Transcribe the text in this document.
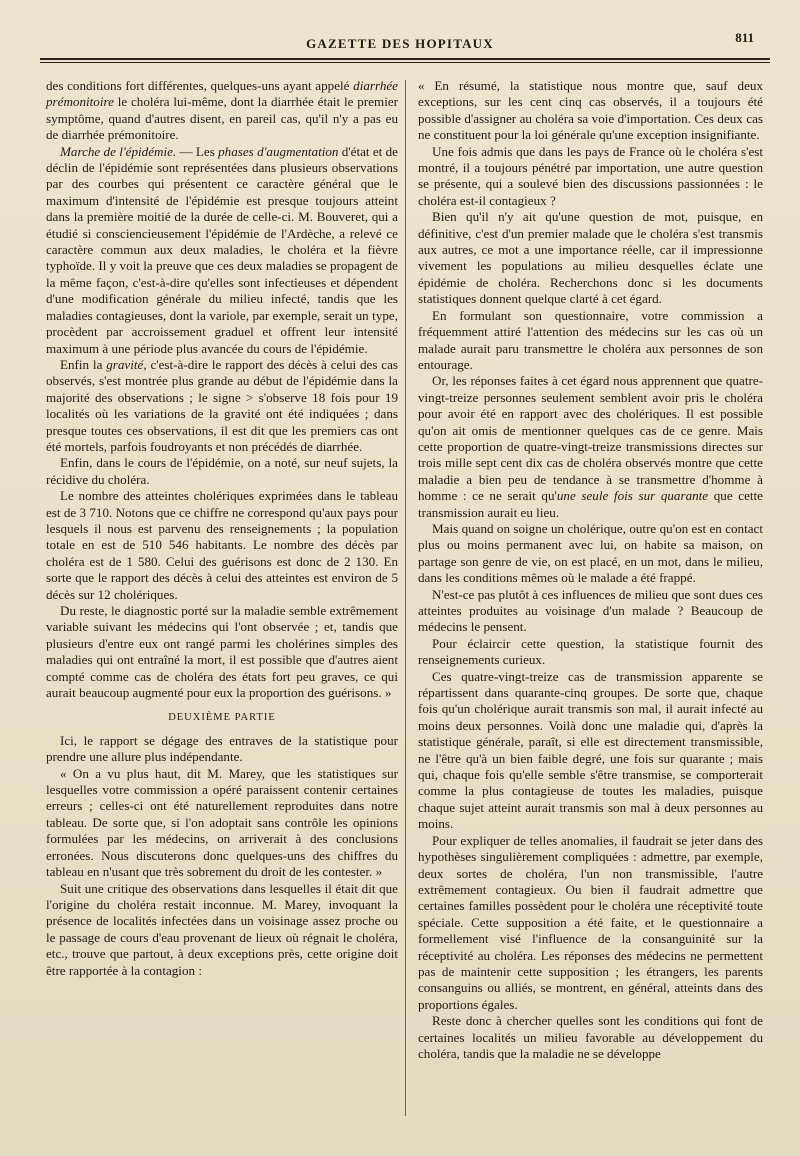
GAZETTE DES HOPITAUX	811

des conditions fort différentes, quelques-uns ayant appelé diarrhée prémonitoire le choléra lui-même, dont la diarrhée était le premier symptôme, quand d'autres disent, en pareil cas, qu'il n'y a pas eu de diarrhée prémonitoire.

Marche de l'épidémie. — Les phases d'augmentation d'état et de déclin de l'épidémie sont représentées dans plusieurs observations par des courbes qui présentent ce caractère général que le maximum d'intensité de l'épidémie est presque toujours atteint dans la première moitié de la durée de celle-ci. M. Bouveret, qui a étudié si consciencieusement l'épidémie de l'Ardèche, a relevé ce caractère commun aux deux maladies, le choléra et la fièvre typhoïde. Il y voit la preuve que ces deux maladies se propagent de la même façon, c'est-à-dire qu'elles sont infectieuses et dépendent d'une modification générale du milieu infecté, tandis que les maladies contagieuses, dont la variole, par exemple, serait un type, procèdent par accroissement graduel et offrent leur intensité maximum à une période plus avancée du cours de l'épidémie.

Enfin la gravité, c'est-à-dire le rapport des décès à celui des cas observés, s'est montrée plus grande au début de l'épidémie dans la majorité des observations ; le signe > s'observe 18 fois pour 19 localités où les variations de la gravité ont été indiquées ; dans presque toutes ces observations, il est dit que les premiers cas ont été mortels, parfois foudroyants et non précédés de diarrhée.

Enfin, dans le cours de l'épidémie, on a noté, sur neuf sujets, la récidive du choléra.

Le nombre des atteintes cholériques exprimées dans le tableau est de 3 710. Notons que ce chiffre ne correspond qu'aux pays pour lesquels il nous est parvenu des renseignements ; la population totale en est de 510 546 habitants. Le nombre des décès par choléra est de 1 580. Celui des guérisons est donc de 2 130. En sorte que le rapport des décès à celui des atteintes est environ de 5 décès sur 12 cholériques.

Du reste, le diagnostic porté sur la maladie semble extrêmement variable suivant les médecins qui l'ont observée ; et, tandis que plusieurs d'entre eux ont rangé parmi les cholérines simples des maladies qui ont entraîné la mort, il est possible que d'autres aient compté comme cas de choléra des états fort peu graves, ce qui aurait beaucoup augmenté pour eux la proportion des guérisons. »

DEUXIÈME PARTIE

Ici, le rapport se dégage des entraves de la statistique pour prendre une allure plus indépendante.

« On a vu plus haut, dit M. Marey, que les statistiques sur lesquelles votre commission a opéré paraissent contenir certaines erreurs ; celles-ci ont été naturellement reproduites dans notre tableau. De sorte que, si l'on adoptait sans contrôle les opinions formulées par les médecins, on arriverait à des conclusions erronées. Nous discuterons donc quelques-uns des chiffres du tableau en n'usant que très sobrement du droit de les contester. »

Suit une critique des observations dans lesquelles il était dit que l'origine du choléra restait inconnue. M. Marey, invoquant la présence de localités infectées dans un voisinage assez proche ou le passage de cours d'eau provenant de lieux où régnait le choléra, etc., trouve que partout, à deux exceptions près, cette origine doit être rapportée à la contagion :

« En résumé, la statistique nous montre que, sauf deux exceptions, sur les cent cinq cas observés, il a toujours été possible d'assigner au choléra sa voie d'importation. Ces deux cas ne constituent pour la loi générale qu'une exception insignifiante.

Une fois admis que dans les pays de France où le choléra s'est montré, il a toujours pénétré par importation, une autre question se présente, qui a soulevé bien des discussions passionnées : le choléra est-il contagieux ?

Bien qu'il n'y ait qu'une question de mot, puisque, en définitive, c'est d'un premier malade que le choléra s'est transmis aux autres, ce mot a une importance réelle, car il impressionne vivement les populations au milieu desquelles éclate une épidémie de choléra. Recherchons donc si les documents statistiques donnent quelque clarté à cet égard.

En formulant son questionnaire, votre commission a fréquemment attiré l'attention des médecins sur les cas où un malade aurait paru transmettre le choléra aux personnes de son entourage.

Or, les réponses faites à cet égard nous apprennent que quatre-vingt-treize personnes seulement semblent avoir pris le choléra pour avoir été en rapport avec des cholériques. Il est possible qu'on ait omis de mentionner quelques cas de ce genre. Mais cette proportion de quatre-vingt-treize transmissions directes sur trois mille sept cent dix cas de choléra observés montre que cette maladie a bien peu de tendance à se transmettre d'homme à homme : ce ne serait qu'une seule fois sur quarante que cette transmission aurait eu lieu.

Mais quand on soigne un cholérique, outre qu'on est en contact plus ou moins permanent avec lui, on habite sa maison, on partage son genre de vie, on est placé, en un mot, dans le milieu, dans les conditions mêmes où le malade a été frappé.

N'est-ce pas plutôt à ces influences de milieu que sont dues ces atteintes produites au voisinage d'un malade ? Beaucoup de médecins le pensent.

Pour éclaircir cette question, la statistique fournit des renseignements curieux.

Ces quatre-vingt-treize cas de transmission apparente se répartissent dans quarante-cinq groupes. De sorte que, chaque fois qu'un cholérique aurait transmis son mal, il aurait infecté au moins deux personnes. Voilà donc une maladie qui, d'après la statistique générale, paraît, si elle est directement transmissible, ne l'être qu'à un bien faible degré, une fois sur quarante ; mais qui, chaque fois qu'elle semble s'être transmise, se comporterait comme la plus contagieuse de toutes les maladies, puisque chaque sujet atteint aurait transmis son mal à deux personnes au moins.

Pour expliquer de telles anomalies, il faudrait se jeter dans des hypothèses singulièrement compliquées : admettre, par exemple, deux sortes de choléra, l'un non transmissible, l'autre extrêmement contagieux. Ou bien il faudrait admettre que certaines familles possèdent pour le choléra une réceptivité toute spéciale. Cette supposition a été faite, et le questionnaire a formellement visé l'influence de la consanguinité sur la réceptivité au choléra. Les réponses des médecins ne permettent pas de maintenir cette supposition ; les étrangers, les parents consanguins ou alliés, se montrent, en général, atteints dans des proportions égales.

Reste donc à chercher quelles sont les conditions qui font de certaines localités un milieu favorable au développement du choléra, tandis que la maladie ne se développe
